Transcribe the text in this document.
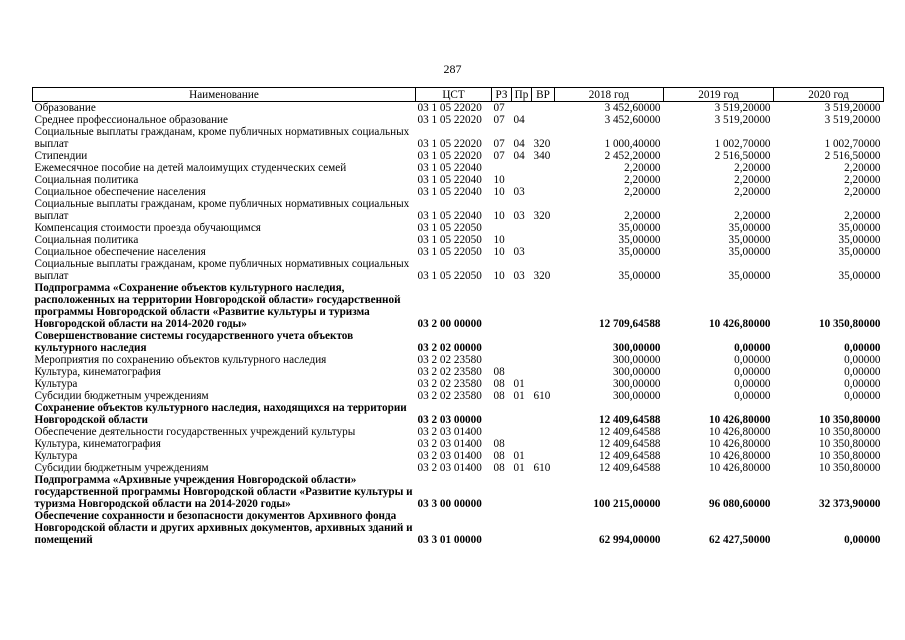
287
Наименование	ЦСТ	РЗ	Пр	ВР	2018 год	2019 год	2020 год
Образование	03 1 05 22020	07			3 452,60000	3 519,20000	3 519,20000
Среднее профессиональное образование	03 1 05 22020	07	04		3 452,60000	3 519,20000	3 519,20000
Социальные выплаты гражданам, кроме публичных нормативных социальных выплат	03 1 05 22020	07	04	320	1 000,40000	1 002,70000	1 002,70000
Стипендии	03 1 05 22020	07	04	340	2 452,20000	2 516,50000	2 516,50000
Ежемесячное пособие на детей малоимущих студенческих семей	03 1 05 22040				2,20000	2,20000	2,20000
Социальная политика	03 1 05 22040	10			2,20000	2,20000	2,20000
Социальное обеспечение населения	03 1 05 22040	10	03		2,20000	2,20000	2,20000
Социальные выплаты гражданам, кроме публичных нормативных социальных выплат	03 1 05 22040	10	03	320	2,20000	2,20000	2,20000
Компенсация стоимости проезда обучающимся	03 1 05 22050				35,00000	35,00000	35,00000
Социальная политика	03 1 05 22050	10			35,00000	35,00000	35,00000
Социальное обеспечение населения	03 1 05 22050	10	03		35,00000	35,00000	35,00000
Социальные выплаты гражданам, кроме публичных нормативных социальных выплат	03 1 05 22050	10	03	320	35,00000	35,00000	35,00000
Подпрограмма «Сохранение объектов культурного наследия, расположенных на территории Новгородской области» государственной программы Новгородской области «Развитие культуры и туризма Новгородской области на 2014-2020 годы»	03 2 00 00000				12 709,64588	10 426,80000	10 350,80000
Совершенствование системы государственного учета объектов культурного наследия	03 2 02 00000				300,00000	0,00000	0,00000
Мероприятия по сохранению объектов культурного наследия	03 2 02 23580				300,00000	0,00000	0,00000
Культура, кинематография	03 2 02 23580	08			300,00000	0,00000	0,00000
Культура	03 2 02 23580	08	01		300,00000	0,00000	0,00000
Субсидии бюджетным учреждениям	03 2 02 23580	08	01	610	300,00000	0,00000	0,00000
Сохранение объектов культурного наследия, находящихся на территории Новгородской области	03 2 03 00000				12 409,64588	10 426,80000	10 350,80000
Обеспечение деятельности государственных учреждений культуры	03 2 03 01400				12 409,64588	10 426,80000	10 350,80000
Культура, кинематография	03 2 03 01400	08			12 409,64588	10 426,80000	10 350,80000
Культура	03 2 03 01400	08	01		12 409,64588	10 426,80000	10 350,80000
Субсидии бюджетным учреждениям	03 2 03 01400	08	01	610	12 409,64588	10 426,80000	10 350,80000
Подпрограмма «Архивные учреждения Новгородской области» государственной программы Новгородской области «Развитие культуры и туризма Новгородской области на 2014-2020 годы»	03 3 00 00000				100 215,00000	96 080,60000	32 373,90000
Обеспечение сохранности и безопасности документов Архивного фонда Новгородской области и других архивных документов, архивных зданий и помещений	03 3 01 00000				62 994,00000	62 427,50000	0,00000
